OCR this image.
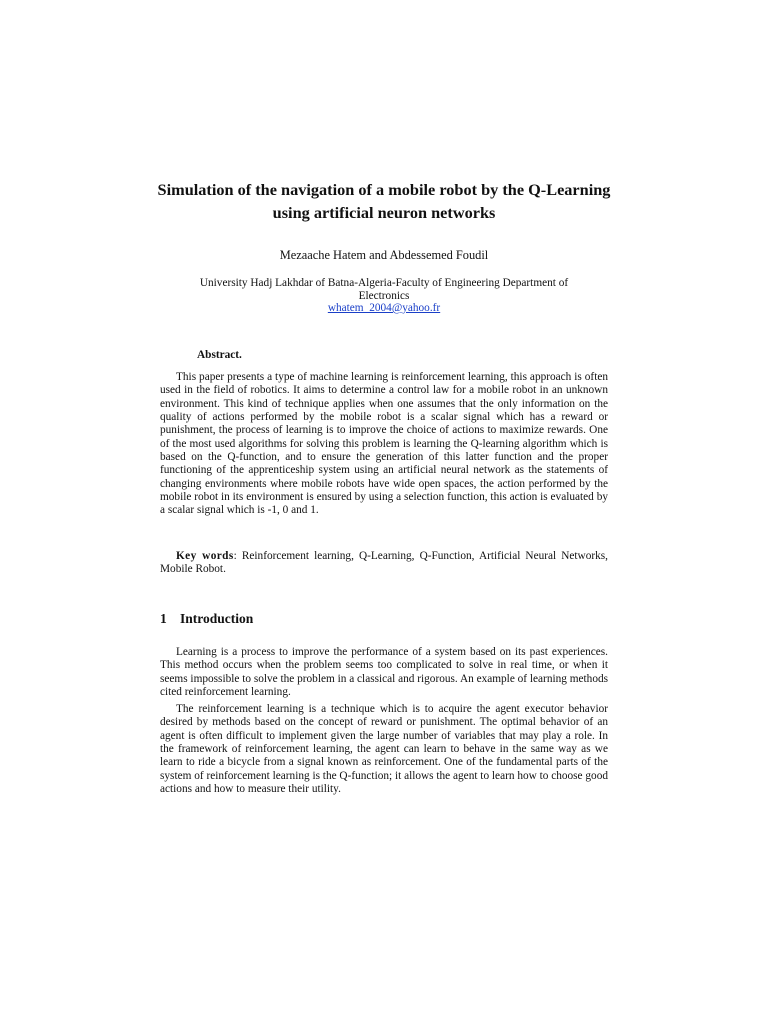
Simulation of the navigation of a mobile robot by the Q-Learning using artificial neuron networks
Mezaache Hatem and Abdessemed Foudil
University Hadj Lakhdar of Batna-Algeria-Faculty of Engineering Department of Electronics
whatem_2004@yahoo.fr
Abstract.

This paper presents a type of machine learning is reinforcement learning, this approach is often used in the field of robotics. It aims to determine a control law for a mobile robot in an unknown environment. This kind of technique applies when one assumes that the only information on the quality of actions performed by the mobile robot is a scalar signal which has a reward or punishment, the process of learning is to improve the choice of actions to maximize rewards. One of the most used algorithms for solving this problem is learning the Q-learning algorithm which is based on the Q-function, and to ensure the generation of this latter function and the proper functioning of the apprenticeship system using an artificial neural network as the statements of changing environments where mobile robots have wide open spaces, the action performed by the mobile robot in its environment is ensured by using a selection function, this action is evaluated by a scalar signal which is -1, 0 and 1.

Key words: Reinforcement learning, Q-Learning, Q-Function, Artificial Neural Networks, Mobile Robot.

1 Introduction

Learning is a process to improve the performance of a system based on its past experiences. This method occurs when the problem seems too complicated to solve in real time, or when it seems impossible to solve the problem in a classical and rigorous. An example of learning methods cited reinforcement learning.

The reinforcement learning is a technique which is to acquire the agent executor behavior desired by methods based on the concept of reward or punishment. The optimal behavior of an agent is often difficult to implement given the large number of variables that may play a role. In the framework of reinforcement learning, the agent can learn to behave in the same way as we learn to ride a bicycle from a signal known as reinforcement. One of the fundamental parts of the system of reinforcement learning is the Q-function; it allows the agent to learn how to choose good actions and how to measure their utility.
